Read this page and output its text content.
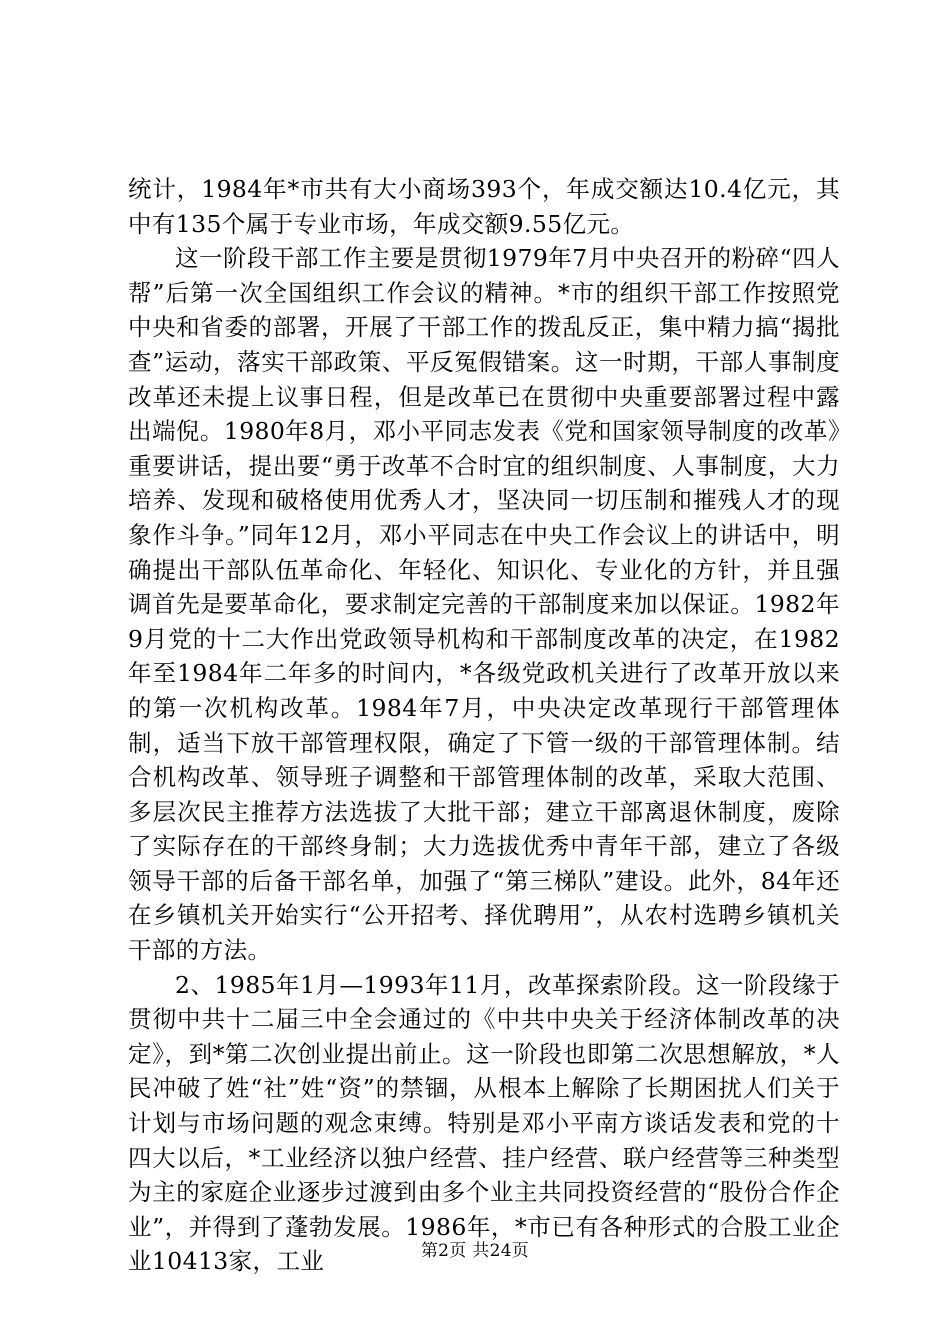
统计，1984年*市共有大小商场393个，年成交额达10.4亿元，其中有135个属于专业市场，年成交额9.55亿元。

这一阶段干部工作主要是贯彻1979年7月中央召开的粉碎“四人帮”后第一次全国组织工作会议的精神。*市的组织干部工作按照党中央和省委的部署，开展了干部工作的拨乱反正，集中精力搞“揭批查”运动，落实干部政策、平反冤假错案。这一时期，干部人事制度改革还未提上议事日程，但是改革已在贯彻中央重要部署过程中露出端倪。1980年8月，邓小平同志发表《党和国家领导制度的改革》重要讲话，提出要“勇于改革不合时宜的组织制度、人事制度，大力培养、发现和破格使用优秀人才，坚决同一切压制和摧残人才的现象作斗争。”同年12月，邓小平同志在中央工作会议上的讲话中，明确提出干部队伍革命化、年轻化、知识化、专业化的方针，并且强调首先是要革命化，要求制定完善的干部制度来加以保证。1982年9月党的十二大作出党政领导机构和干部制度改革的决定，在1982年至1984年二年多的时间内，*各级党政机关进行了改革开放以来的第一次机构改革。1984年7月，中央决定改革现行干部管理体制，适当下放干部管理权限，确定了下管一级的干部管理体制。结合机构改革、领导班子调整和干部管理体制的改革，采取大范围、多层次民主推荐方法选拔了大批干部；建立干部离退休制度，废除了实际存在的干部终身制；大力选拔优秀中青年干部，建立了各级领导干部的后备干部名单，加强了“第三梯队”建设。此外，84年还在乡镇机关开始实行“公开招考、择优聘用”，从农村选聘乡镇机关干部的方法。

2、1985年1月—1993年11月，改革探索阶段。这一阶段缘于贯彻中共十二届三中全会通过的《中共中央关于经济体制改革的决定》，到*第二次创业提出前止。这一阶段也即第二次思想解放，*人民冲破了姓“社”姓“资”的禁锢，从根本上解除了长期困扰人们关于计划与市场问题的观念束缚。特别是邓小平南方谈话发表和党的十四大以后，*工业经济以独户经营、挂户经营、联户经营等三种类型为主的家庭企业逐步过渡到由多个业主共同投资经营的“股份合作企业”，并得到了蓬勃发展。1986年，*市已有各种形式的合股工业企业10413家，工业	第2页 共24页
